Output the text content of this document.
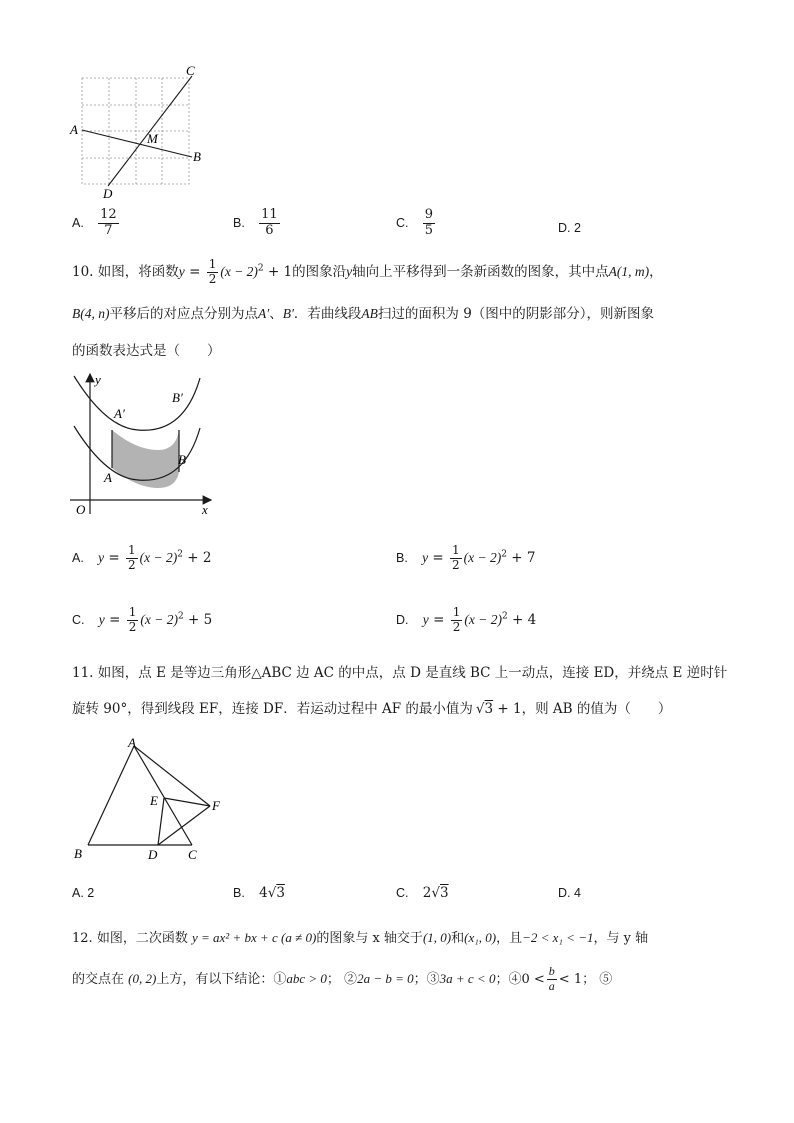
C
A
M
B
D
A. $\frac{12}{7}$	B. $\frac{11}{6}$	C. $\frac{9}{5}$	D. 2
10. 如图，将函数$y = \frac{1}{2} (x - 2)^2 + 1$的图象沿y轴向上平移得到一条新函数的图象，其中点A(1, m)，
B(4, n)平移后的对应点分别为点A′、B′．若曲线段AB扫过的面积为 9（图中的阴影部分），则新图象
的函数表达式是（　　）
y
x
O
A′
B′
A
B
A. $y = \frac{1}{2} (x - 2)^2 + 2$	B. $y = \frac{1}{2} (x - 2)^2 + 7$
C. $y = \frac{1}{2} (x - 2)^2 + 5$	D. $y = \frac{1}{2} (x - 2)^2 + 4$
11. 如图，点 E 是等边三角形△ABC 边 AC 的中点，点 D 是直线 BC 上一动点，连接 ED，并绕点 E 逆时针
旋转 90°，得到线段 EF，连接 DF．若运动过程中 AF 的最小值为 √3 + 1，则 AB 的值为（　　）
A
E	F
B	D C
A. 2	B. 4√3	C. 2√3	D. 4
12. 如图，二次函数 y = ax² + bx + c (a ≠ 0)的图象与 x 轴交于(1, 0)和(x₁, 0)，且−2 < x₁ < −1，与 y 轴
的交点在 (0, 2)上方，有以下结论：①abc > 0； ②2a − b = 0；③3a + c < 0；④0 < $\frac{b}{a} < 1$； ⑤
